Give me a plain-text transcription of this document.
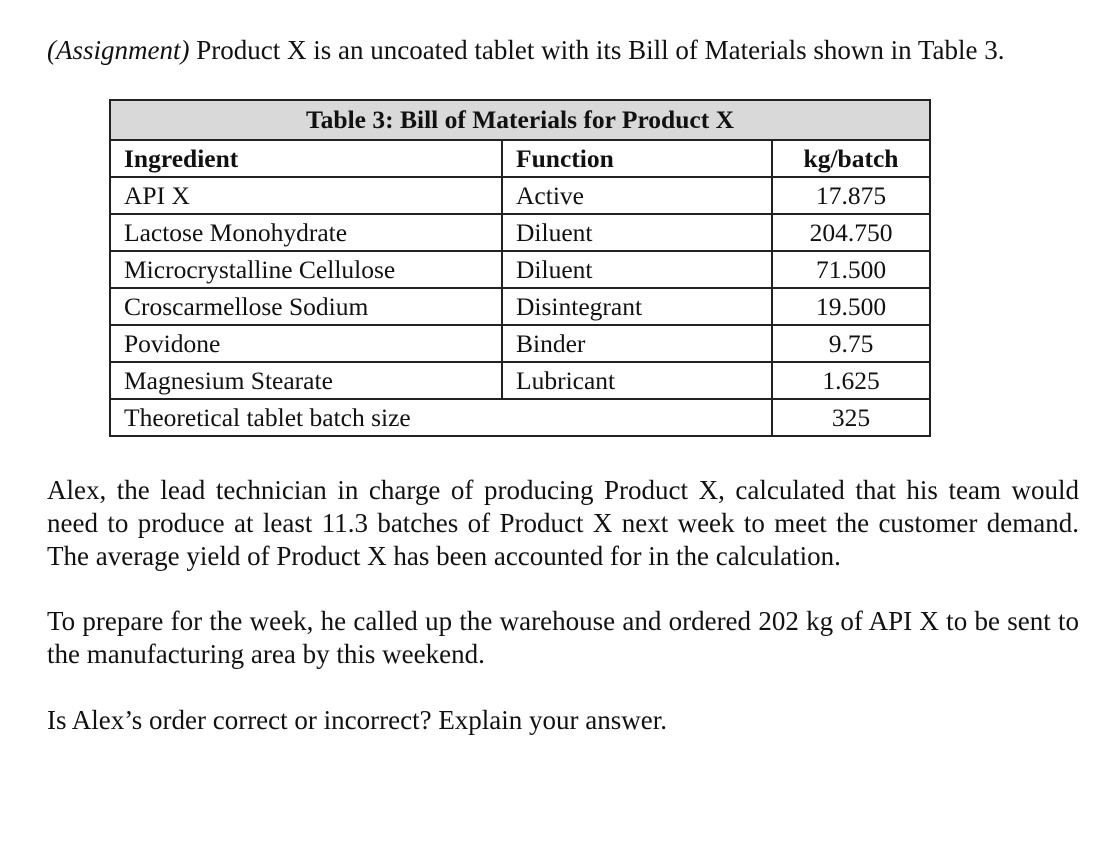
(Assignment) Product X is an uncoated tablet with its Bill of Materials shown in Table 3.
Table 3: Bill of Materials for Product X		
Ingredient	Function	kg/batch
API X	Active	17.875
Lactose Monohydrate	Diluent	204.750
Microcrystalline Cellulose	Diluent	71.500
Croscarmellose Sodium	Disintegrant	19.500
Povidone	Binder	9.75
Magnesium Stearate	Lubricant	1.625
Theoretical tablet batch size		325
Alex, the lead technician in charge of producing Product X, calculated that his team would need to produce at least 11.3 batches of Product X next week to meet the customer demand. The average yield of Product X has been accounted for in the calculation.
To prepare for the week, he called up the warehouse and ordered 202 kg of API X to be sent to the manufacturing area by this weekend.
Is Alex’s order correct or incorrect? Explain your answer.
